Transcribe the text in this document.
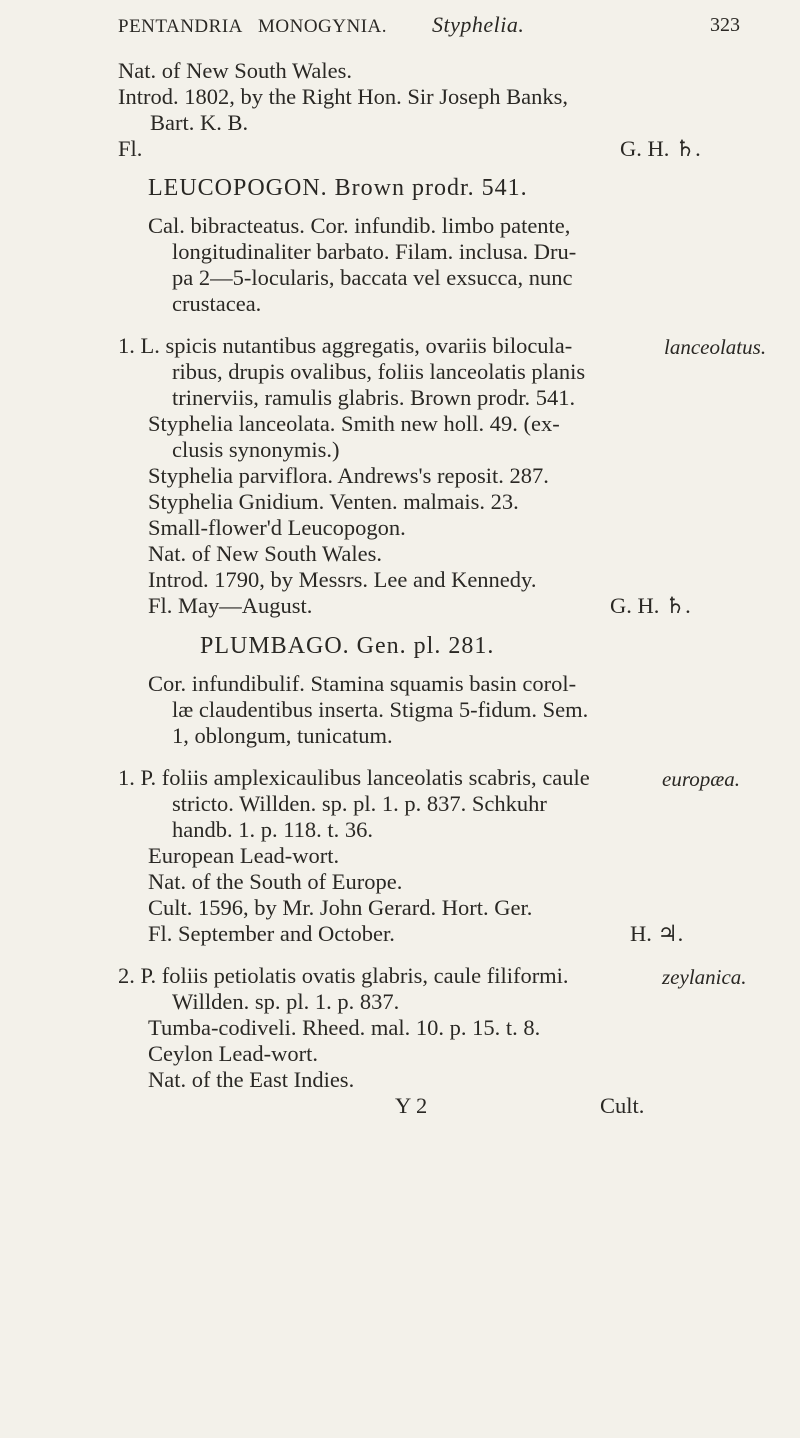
PENTANDRIA MONOGYNIA. Styphelia.	323
Nat. of New South Wales.
Introd. 1802, by the Right Hon. Sir Joseph Banks,
Bart. K. B.
Fl.	G. H. ♄.
LEUCOPOGON. Brown prodr. 541.
Cal. bibracteatus. Cor. infundib. limbo patente,
longitudinaliter barbato. Filam. inclusa. Dru-
pa 2—5-locularis, baccata vel exsucca, nunc
crustacea.
1. L. spicis nutantibus aggregatis, ovariis bilocula-
ribus, drupis ovalibus, foliis lanceolatis planis
trinerviis, ramulis glabris. Brown prodr. 541.
Styphelia lanceolata. Smith new holl. 49. (ex-
clusis synonymis.)
Styphelia parviflora. Andrews's reposit. 287.
Styphelia Gnidium. Venten. malmais. 23.
Small-flower'd Leucopogon.
Nat. of New South Wales.
Introd. 1790, by Messrs. Lee and Kennedy.
Fl. May—August.	G. H. ♄.
PLUMBAGO. Gen. pl. 281.
Cor. infundibulif. Stamina squamis basin corol-
læ claudentibus inserta. Stigma 5-fidum. Sem.
1, oblongum, tunicatum.
1. P. foliis amplexicaulibus lanceolatis scabris, caule
stricto. Willden. sp. pl. 1. p. 837. Schkuhr
handb. 1. p. 118. t. 36.
European Lead-wort.
Nat. of the South of Europe.
Cult. 1596, by Mr. John Gerard. Hort. Ger.
Fl. September and October.	H. ♃.
2. P. foliis petiolatis ovatis glabris, caule filiformi.
Willden. sp. pl. 1. p. 837.
Tumba-codiveli. Rheed. mal. 10. p. 15. t. 8.
Ceylon Lead-wort.
Nat. of the East Indies.
Y 2	Cult.
lanceolatus.
europæa.
zeylanica.
